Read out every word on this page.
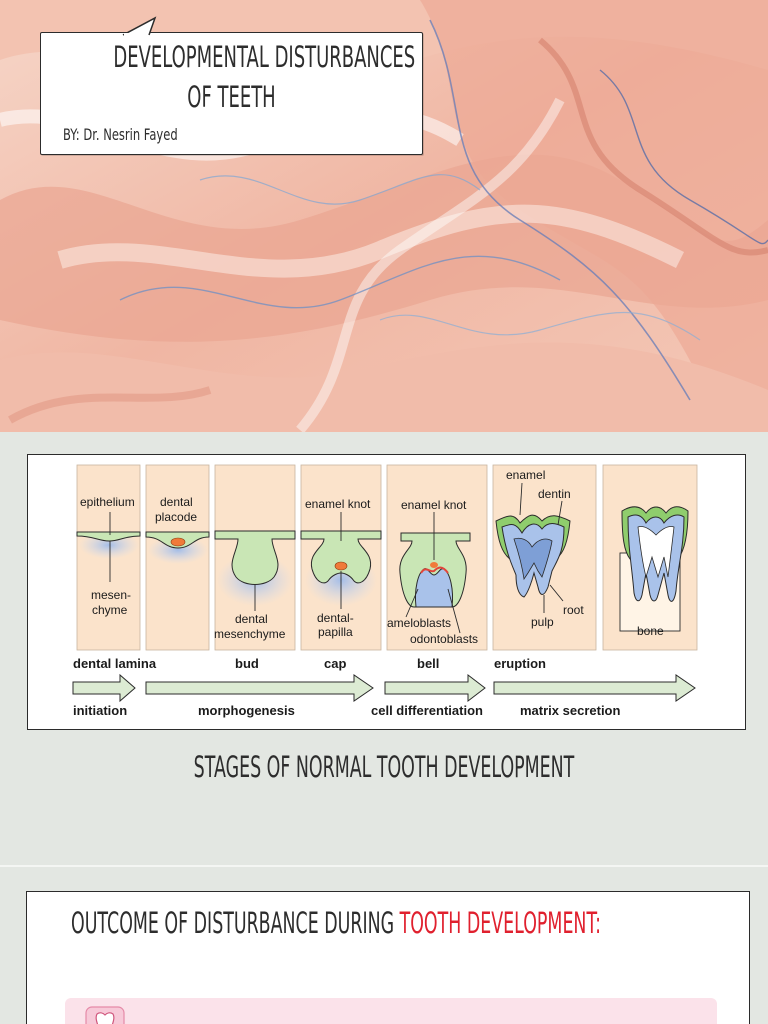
DEVELOPMENTAL DISTURBANCES
OF TEETH
BY: Dr. Nesrin Fayed
epithelium dental
placode
mesen-
chyme
enamel knot	enamel knot
dental
mesenchyme
dental-
papilla
ameloblasts
odontoblasts
enamel
dentin
pulp
root
bone
dental lamina	bud	cap	bell	eruption
initiation	morphogenesis	cell differentiation	matrix secretion
STAGES OF NORMAL TOOTH DEVELOPMENT
OUTCOME OF DISTURBANCE DURING TOOTH DEVELOPMENT:
